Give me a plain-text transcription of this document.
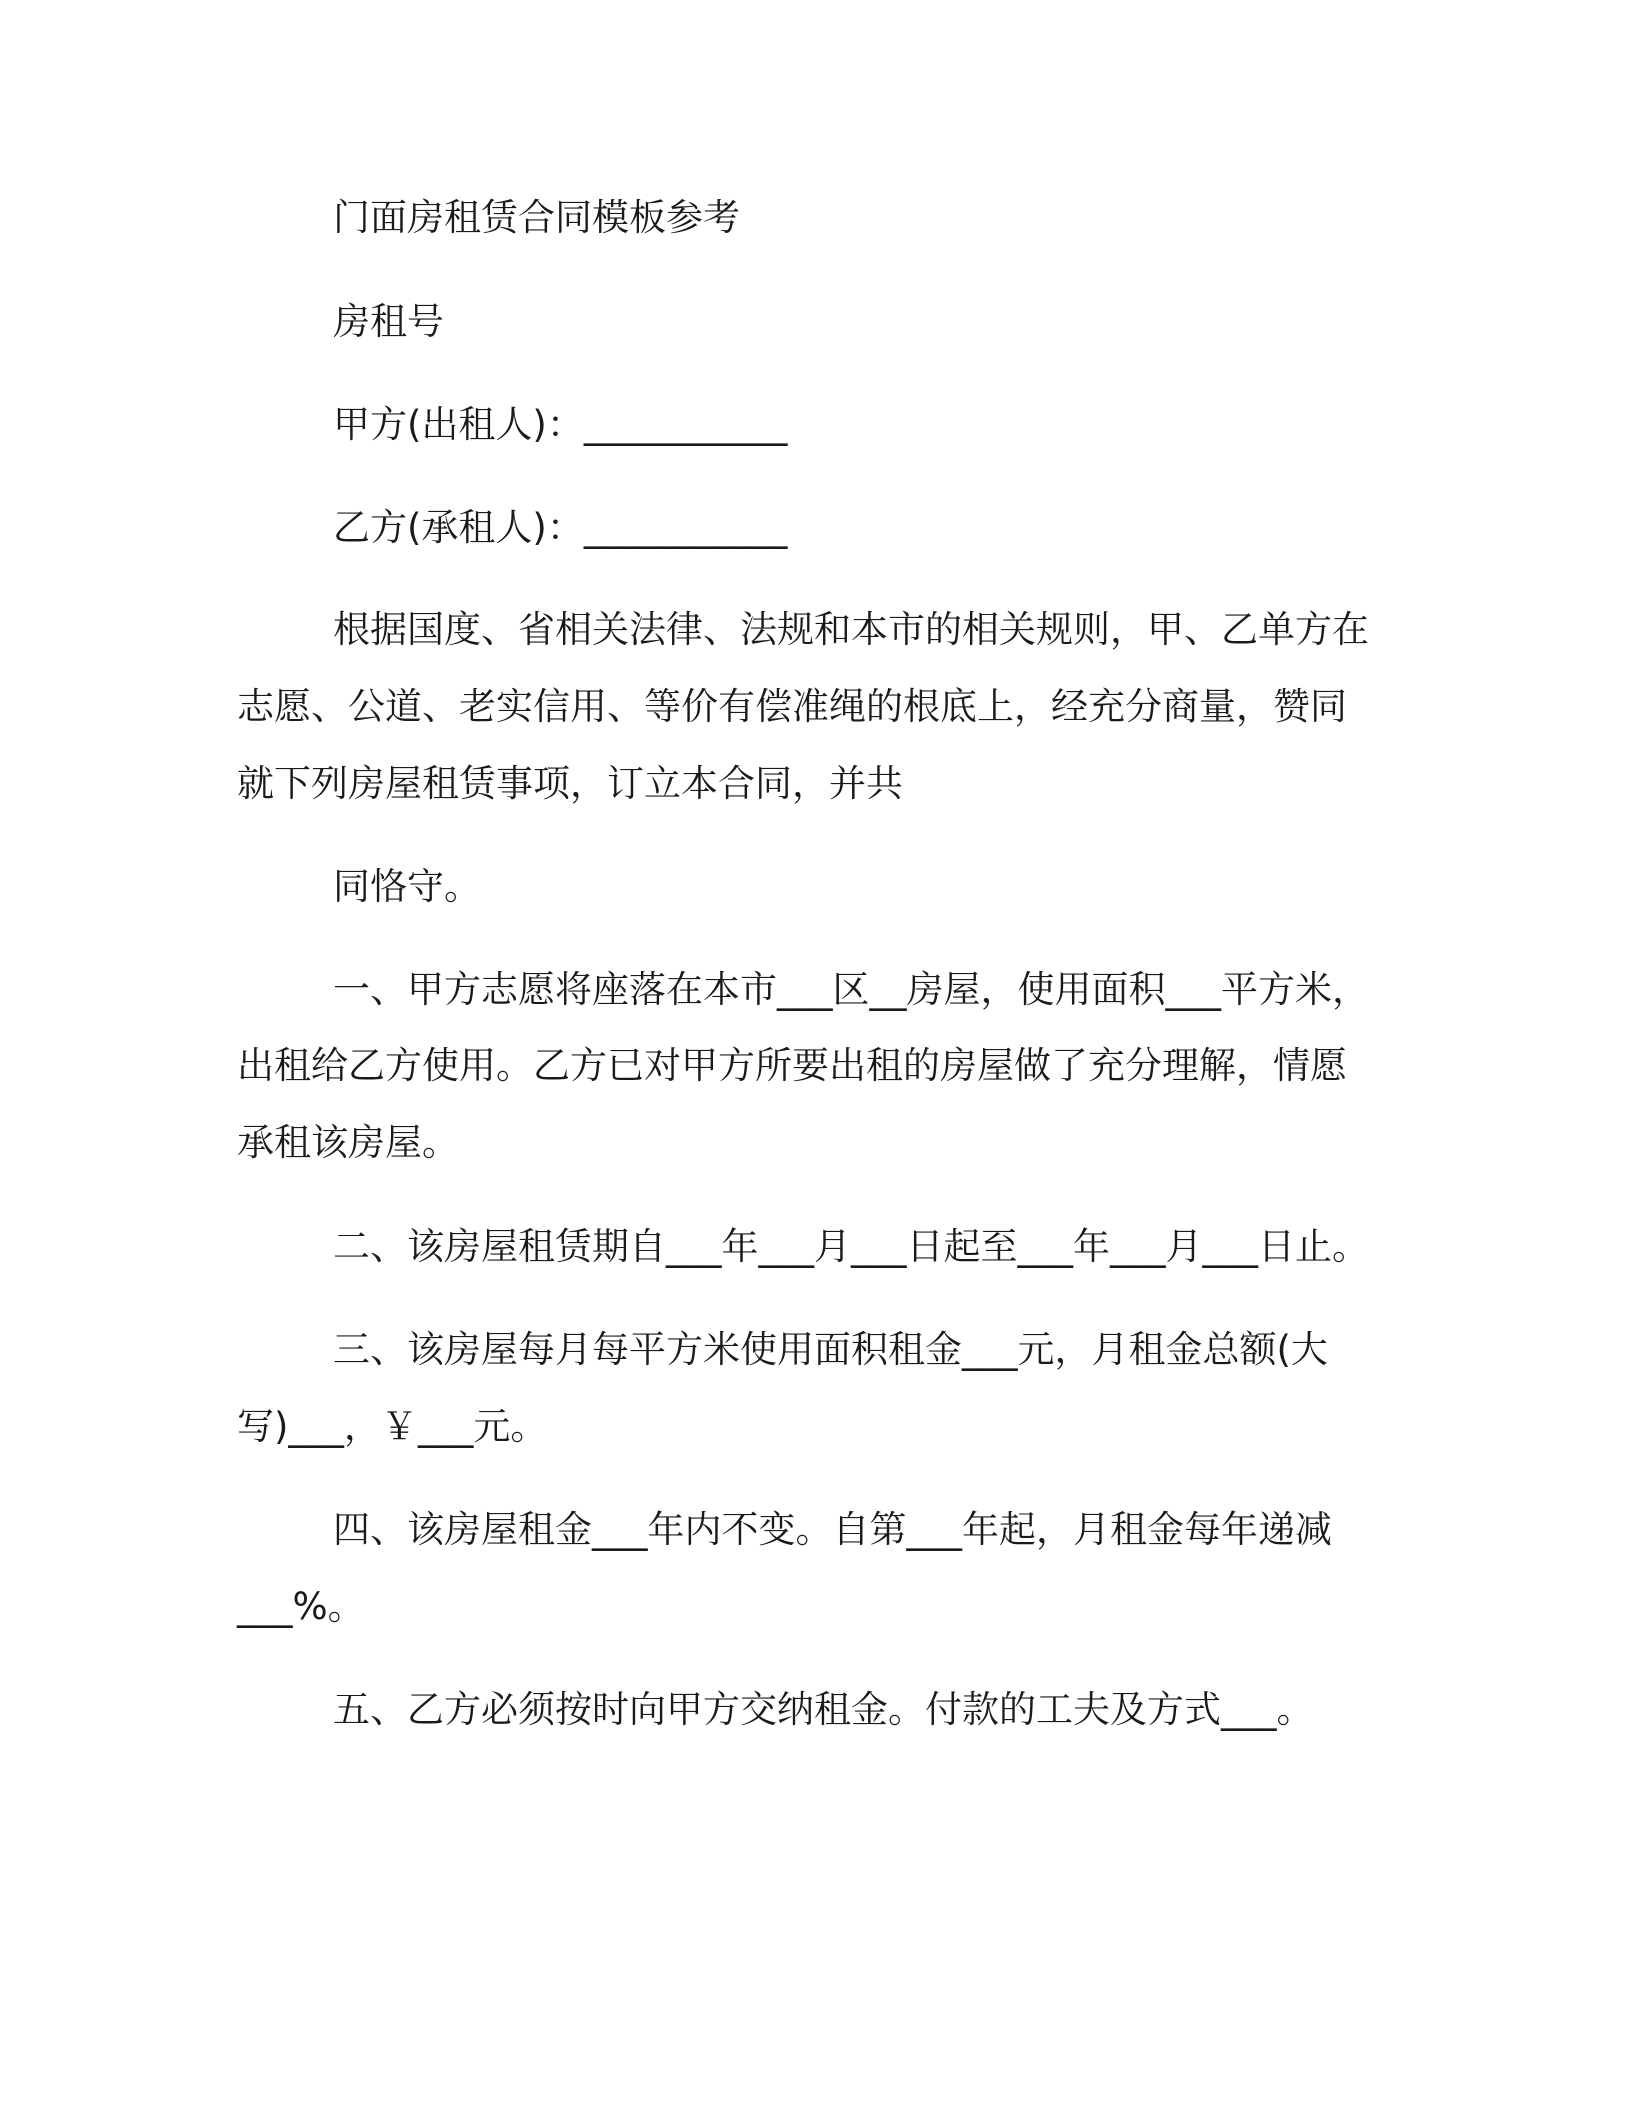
门面房租赁合同模板参考

房租号

甲方(出租人)：___________

乙方(承租人)：___________

根据国度、省相关法律、法规和本市的相关规则，甲、乙单方在

志愿、公道、老实信用、等价有偿准绳的根底上，经充分商量，赞同

就下列房屋租赁事项，订立本合同，并共

同恪守。

一、甲方志愿将座落在本市___区__房屋，使用面积___平方米，

出租给乙方使用。乙方已对甲方所要出租的房屋做了充分理解，情愿

承租该房屋。

二、该房屋租赁期自___年___月___日起至___年___月___日止。

三、该房屋每月每平方米使用面积租金___元，月租金总额(大

写)___，￥___元。

四、该房屋租金___年内不变。自第___年起，月租金每年递减

___%。

五、乙方必须按时向甲方交纳租金。付款的工夫及方式___。
